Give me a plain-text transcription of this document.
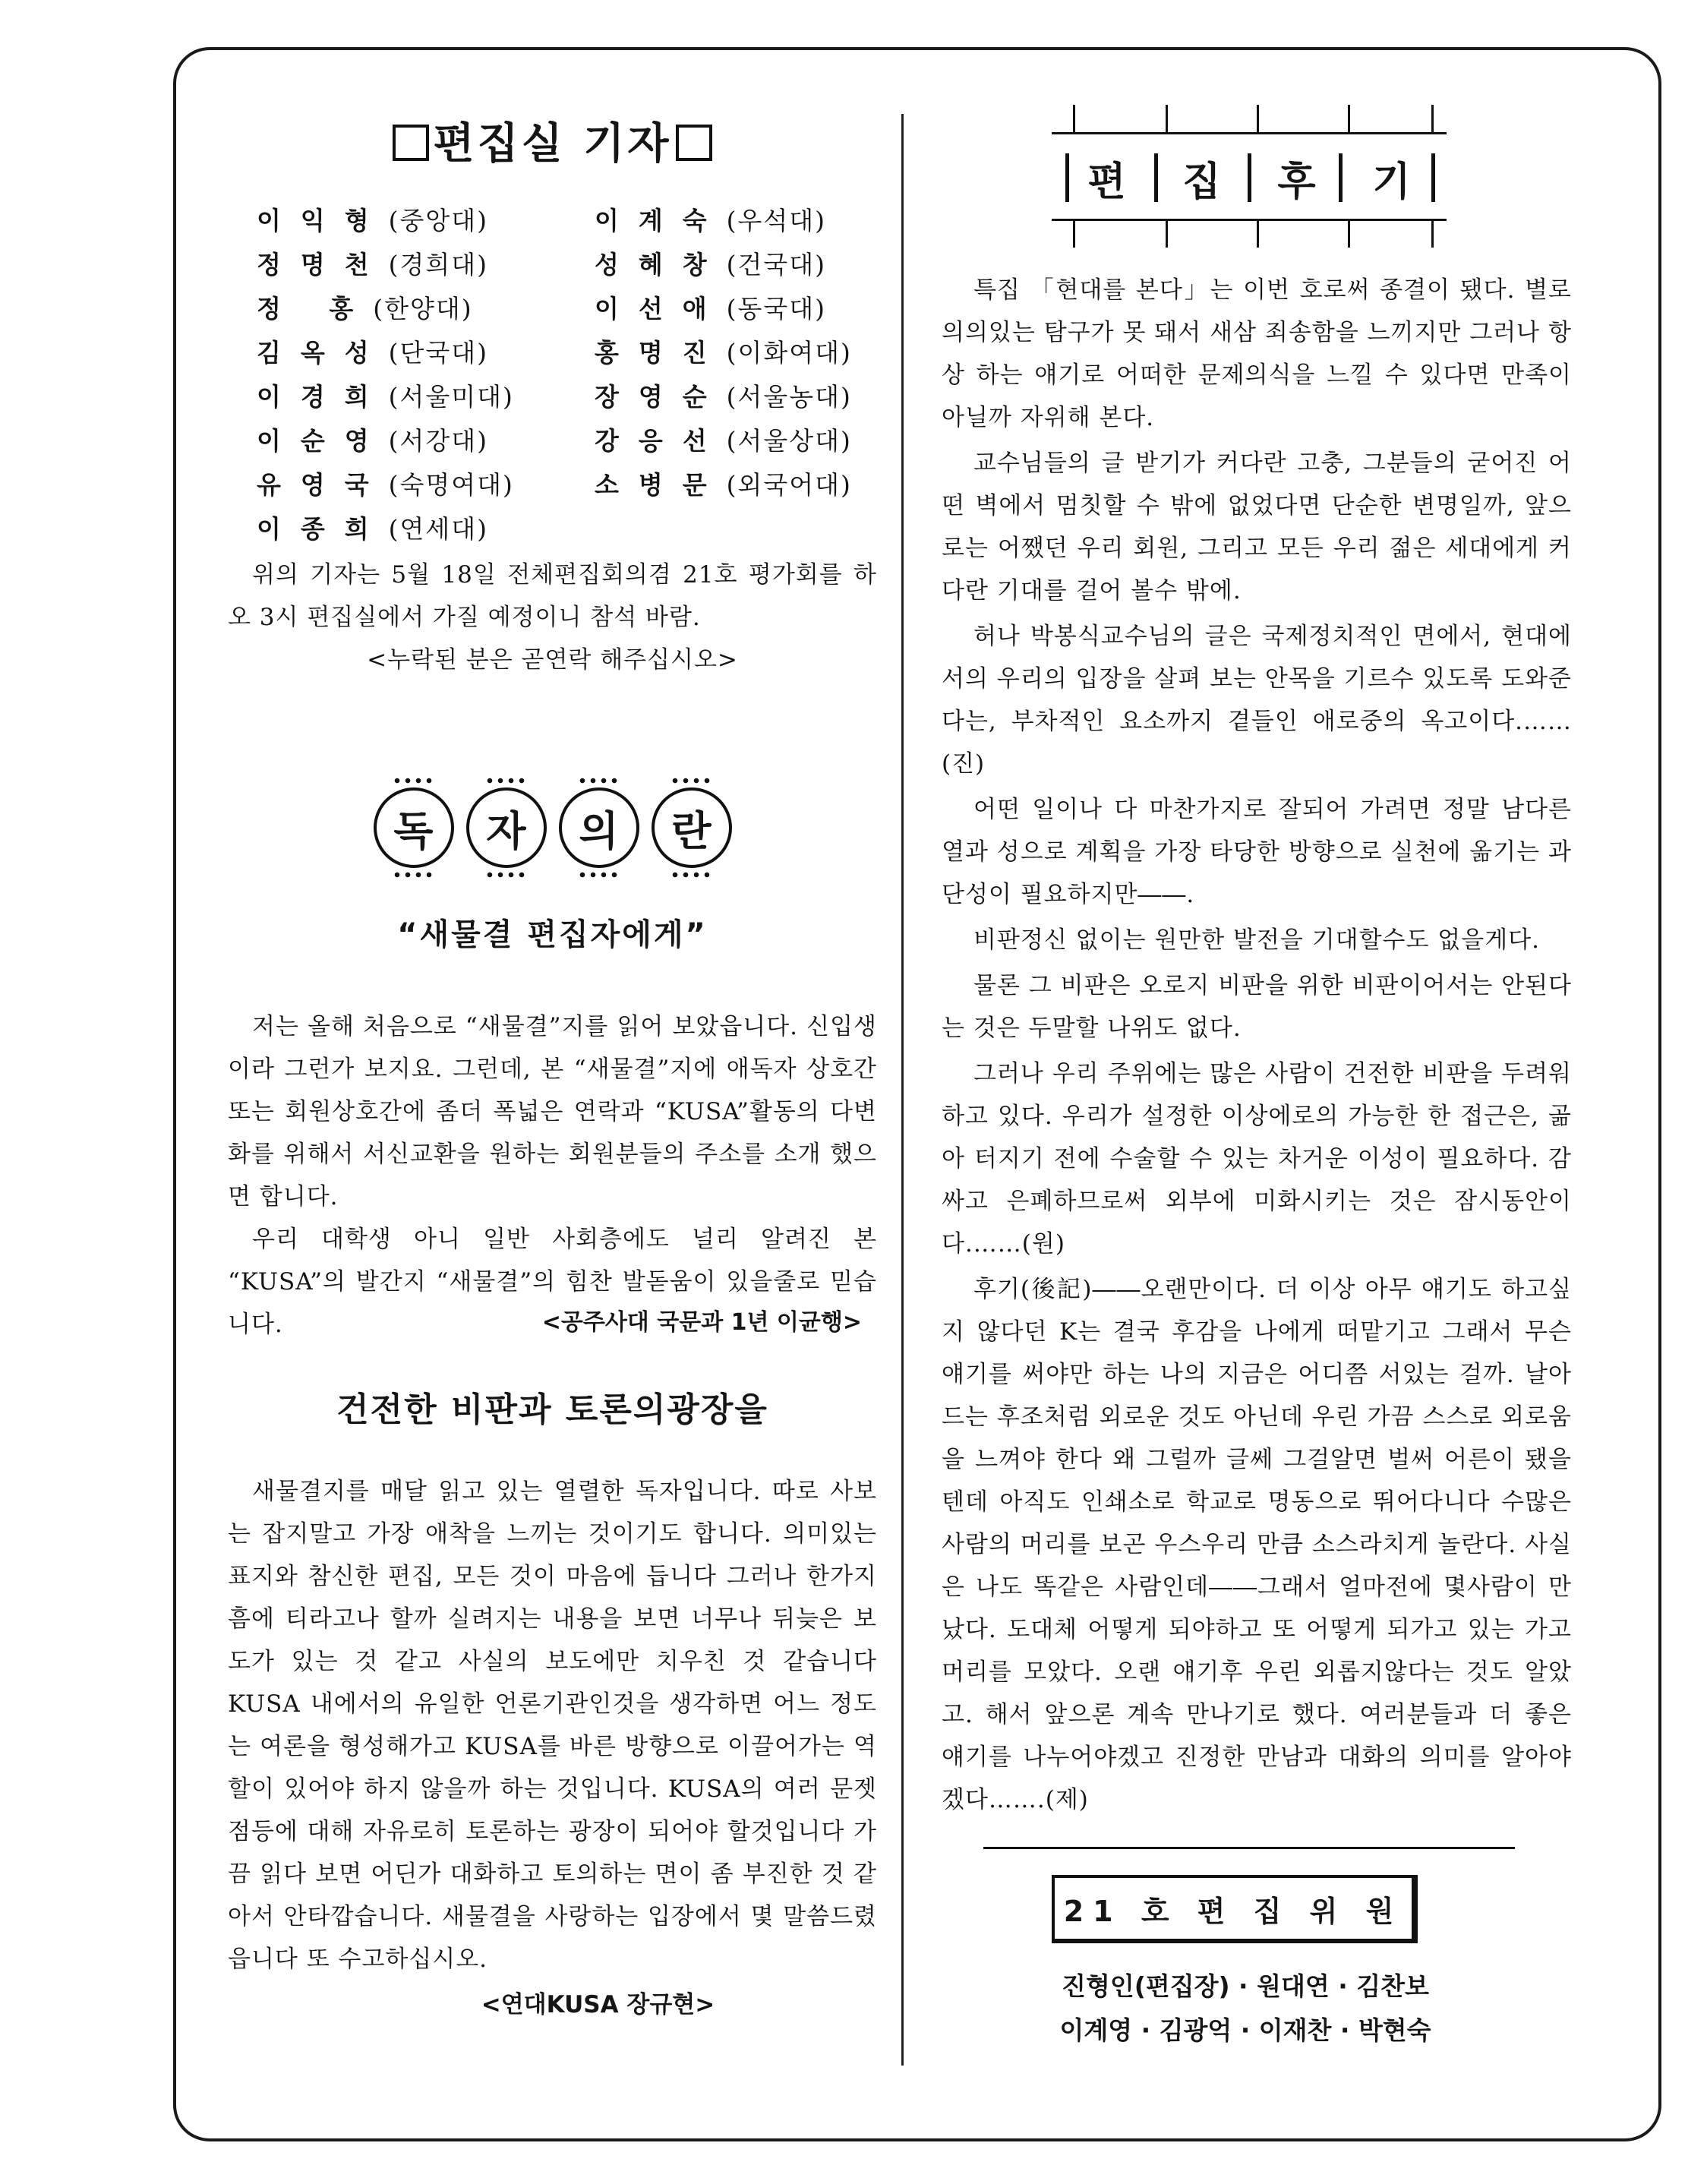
편집실 기자
이익형(중앙대)	이계숙(우석대)
정명천(경희대)	성혜창(건국대)
정 홍(한양대)	이선애(동국대)
김옥성(단국대)	홍명진(이화여대)
이경희(서울미대)	장영순(서울농대)
이순영(서강대)	강응선(서울상대)
유영국(숙명여대)	소병문(외국어대)
이종희(연세대)

위의 기자는 5월 18일 전체편집회의겸 21호 평가회를 하오 3시 편집실에서 가질 예정이니 참석 바람.

<누락된 분은 곧연락 해주십시오>
독	자	의	란
“새물결 편집자에게”

저는 올해 처음으로 “새물결”지를 읽어 보았읍니다. 신입생이라 그런가 보지요. 그런데, 본 “새물결”지에 애독자 상호간 또는 회원상호간에 좀더 폭넓은 연락과 “KUSA”활동의 다변화를 위해서 서신교환을 원하는 회원분들의 주소를 소개 했으면 합니다.

우리 대학생 아니 일반 사회층에도 널리 알려진 본 “KUSA”의 발간지 “새물결”의 힘찬 발돋움이 있을줄로 믿습니다.	<공주사대 국문과 1년 이균행>
건전한 비판과 토론의광장을

새물결지를 매달 읽고 있는 열렬한 독자입니다. 따로 사보는 잡지말고 가장 애착을 느끼는 것이기도 합니다. 의미있는 표지와 참신한 편집, 모든 것이 마음에 듭니다 그러나 한가지 흠에 티라고나 할까 실려지는 내용을 보면 너무나 뒤늦은 보도가 있는 것 같고 사실의 보도에만 치우친 것 같습니다 KUSA 내에서의 유일한 언론기관인것을 생각하면 어느 정도는 여론을 형성해가고 KUSA를 바른 방향으로 이끌어가는 역할이 있어야 하지 않을까 하는 것입니다. KUSA의 여러 문젯점등에 대해 자유로히 토론하는 광장이 되어야 할것입니다 가끔 읽다 보면 어딘가 대화하고 토의하는 면이 좀 부진한 것 같아서 안타깝습니다. 새물결을 사랑하는 입장에서 몇 말씀드렸읍니다 또 수고하십시오.

<연대KUSA 장규현>
편 집 후 기

특집 「현대를 본다」는 이번 호로써 종결이 됐다. 별로 의의있는 탐구가 못 돼서 새삼 죄송함을 느끼지만 그러나 항상 하는 얘기로 어떠한 문제의식을 느낄 수 있다면 만족이 아닐까 자위해 본다.

교수님들의 글 받기가 커다란 고충, 그분들의 굳어진 어떤 벽에서 멈칫할 수 밖에 없었다면 단순한 변명일까, 앞으로는 어쨌던 우리 회원, 그리고 모든 우리 젊은 세대에게 커다란 기대를 걸어 볼수 밖에.

허나 박봉식교수님의 글은 국제정치적인 면에서, 현대에서의 우리의 입장을 살펴 보는 안목을 기르수 있도록 도와준다는, 부차적인 요소까지 곁들인 애로중의 옥고이다.……(진)

어떤 일이나 다 마찬가지로 잘되어 가려면 정말 남다른 열과 성으로 계획을 가장 타당한 방향으로 실천에 옮기는 과단성이 필요하지만――.

비판정신 없이는 원만한 발전을 기대할수도 없을게다.

물론 그 비판은 오로지 비판을 위한 비판이어서는 안된다는 것은 두말할 나위도 없다.

그러나 우리 주위에는 많은 사람이 건전한 비판을 두려워하고 있다. 우리가 설정한 이상에로의 가능한 한 접근은, 곪아 터지기 전에 수술할 수 있는 차거운 이성이 필요하다. 감싸고 은폐하므로써 외부에 미화시키는 것은 잠시동안이다.……(원)

후기(後記)――오랜만이다. 더 이상 아무 얘기도 하고싶지 않다던 K는 결국 후감을 나에게 떠맡기고 그래서 무슨 얘기를 써야만 하는 나의 지금은 어디쯤 서있는 걸까. 날아드는 후조처럼 외로운 것도 아닌데 우린 가끔 스스로 외로움을 느껴야 한다 왜 그럴까 글쎄 그걸알면 벌써 어른이 됐을텐데 아직도 인쇄소로 학교로 명동으로 뛰어다니다 수많은 사람의 머리를 보곤 우스우리 만큼 소스라치게 놀란다. 사실은 나도 똑같은 사람인데――그래서 얼마전에 몇사람이 만났다. 도대체 어떻게 되야하고 또 어떻게 되가고 있는 가고 머리를 모았다. 오랜 얘기후 우린 외롭지않다는 것도 알았고. 해서 앞으론 계속 만나기로 했다. 여러분들과 더 좋은 얘기를 나누어야겠고 진정한 만남과 대화의 의미를 알아야겠다…….(제)

21 호 편 집 위 원
진형인(편집장) · 원대연 · 김찬보
이계영 · 김광억 · 이재찬 · 박현숙
